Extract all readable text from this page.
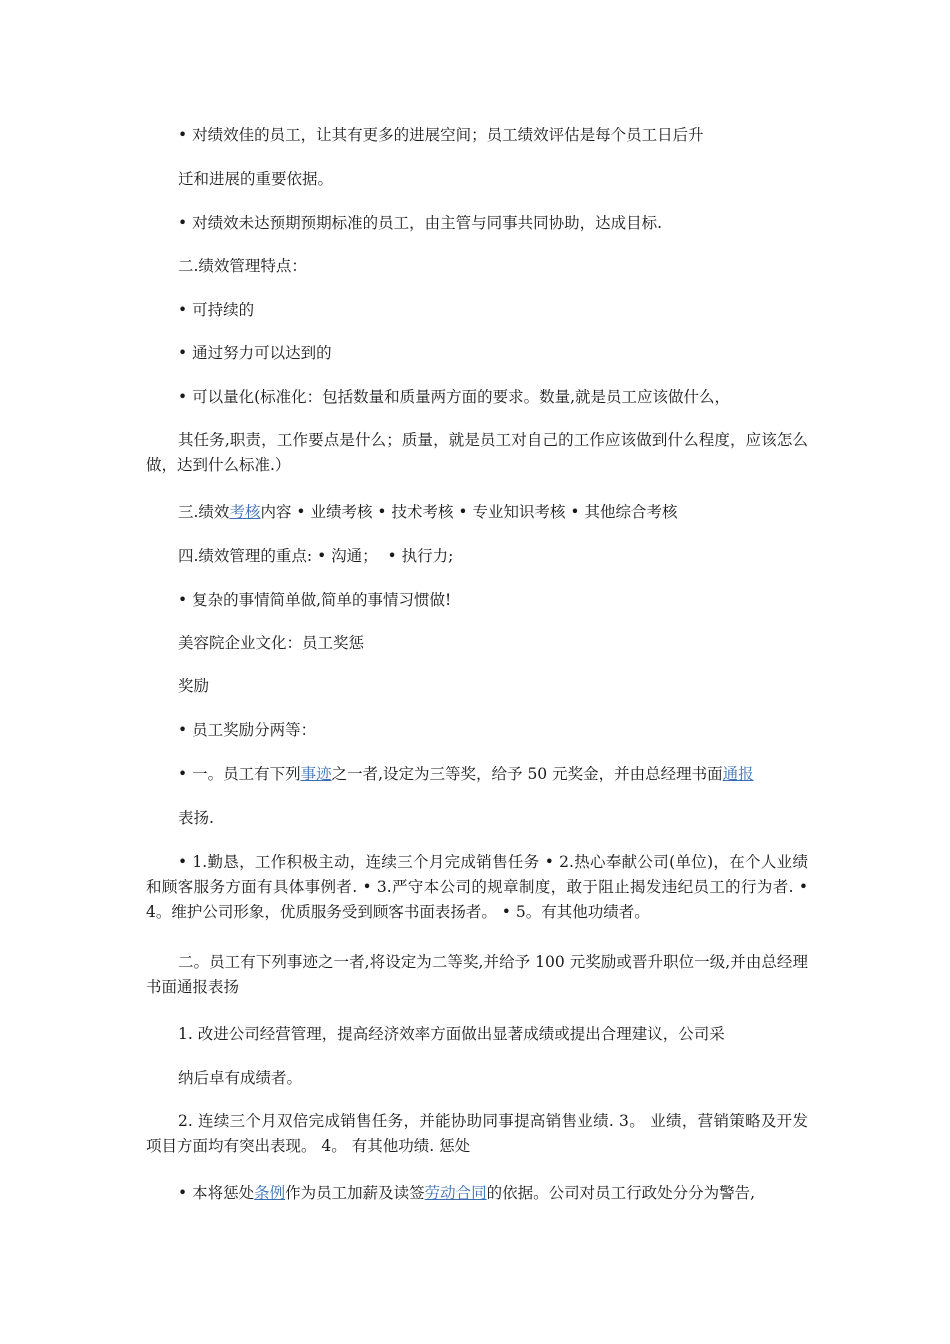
• 对绩效佳的员工，让其有更多的进展空间；员工绩效评估是每个员工日后升
迁和进展的重要依据。
• 对绩效未达预期预期标准的员工，由主管与同事共同协助，达成目标.
二.绩效管理特点：
• 可持续的
• 通过努力可以达到的
• 可以量化(标准化：包括数量和质量两方面的要求。数量,就是员工应该做什么，
其任务,职责，工作要点是什么；质量，就是员工对自己的工作应该做到什么程度，应该怎么做，达到什么标准.）
三.绩效考核内容 • 业绩考核 • 技术考核 • 专业知识考核 • 其他综合考核
四.绩效管理的重点: • 沟通；  • 执行力;
• 复杂的事情简单做,简单的事情习惯做!
美容院企业文化：员工奖惩
奖励
• 员工奖励分两等：
• 一。员工有下列事迹之一者,设定为三等奖，给予 50 元奖金，并由总经理书面通报
表扬.
• 1.勤恳，工作积极主动，连续三个月完成销售任务 • 2.热心奉献公司(单位)，在个人业绩和顾客服务方面有具体事例者. • 3.严守本公司的规章制度，敢于阻止揭发违纪员工的行为者. • 4。维护公司形象，优质服务受到顾客书面表扬者。 • 5。有其他功绩者。
二。员工有下列事迹之一者,将设定为二等奖,并给予 100 元奖励或晋升职位一级,并由总经理书面通报表扬
1. 改进公司经营管理，提高经济效率方面做出显著成绩或提出合理建议，公司采
纳后卓有成绩者。
2. 连续三个月双倍完成销售任务，并能协助同事提高销售业绩. 3。 业绩，营销策略及开发项目方面均有突出表现。 4。 有其他功绩. 惩处
• 本将惩处条例作为员工加薪及读签劳动合同的依据。公司对员工行政处分分为警告,
